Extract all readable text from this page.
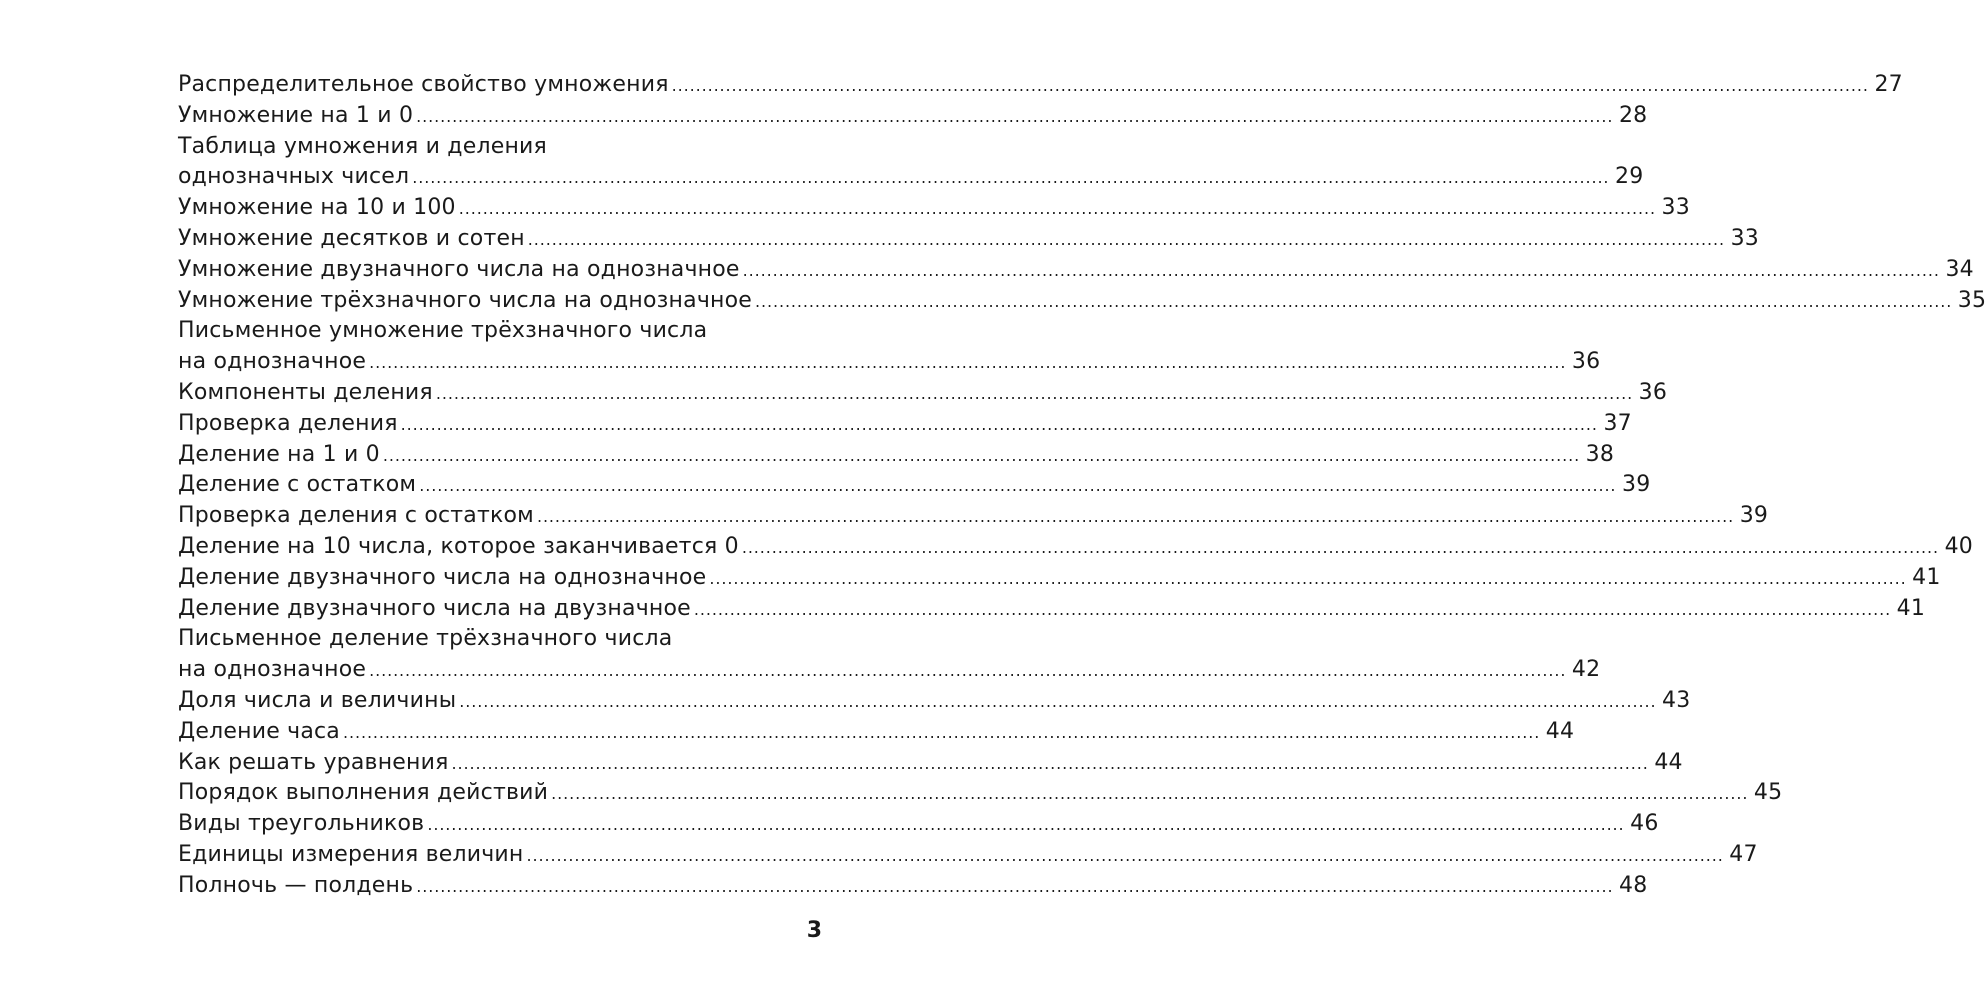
Распределительное свойство умножения ........................................................................................................................................................................................................ 27
Умножение на 1 и 0 ........................................................................................................................................................................................................ 28
Таблица умножения и деления
однозначных чисел ........................................................................................................................................................................................................ 29
Умножение на 10 и 100 ........................................................................................................................................................................................................ 33
Умножение десятков и сотен ........................................................................................................................................................................................................ 33
Умножение двузначного числа на однозначное ........................................................................................................................................................................................................ 34
Умножение трёхзначного числа на однозначное ........................................................................................................................................................................................................ 35
Письменное умножение трёхзначного числа
на однозначное ........................................................................................................................................................................................................ 36
Компоненты деления ........................................................................................................................................................................................................ 36
Проверка деления ........................................................................................................................................................................................................ 37
Деление на 1 и 0 ........................................................................................................................................................................................................ 38
Деление с остатком ........................................................................................................................................................................................................ 39
Проверка деления с остатком ........................................................................................................................................................................................................ 39
Деление на 10 числа, которое заканчивается 0 ........................................................................................................................................................................................................ 40
Деление двузначного числа на однозначное ........................................................................................................................................................................................................ 41
Деление двузначного числа на двузначное ........................................................................................................................................................................................................ 41
Письменное деление трёхзначного числа
на однозначное ........................................................................................................................................................................................................ 42
Доля числа и величины ........................................................................................................................................................................................................ 43
Деление часа ........................................................................................................................................................................................................ 44
Как решать уравнения ........................................................................................................................................................................................................ 44
Порядок выполнения действий ........................................................................................................................................................................................................ 45
Виды треугольников ........................................................................................................................................................................................................ 46
Единицы измерения величин ........................................................................................................................................................................................................ 47
Полночь — полдень ........................................................................................................................................................................................................ 48
3
